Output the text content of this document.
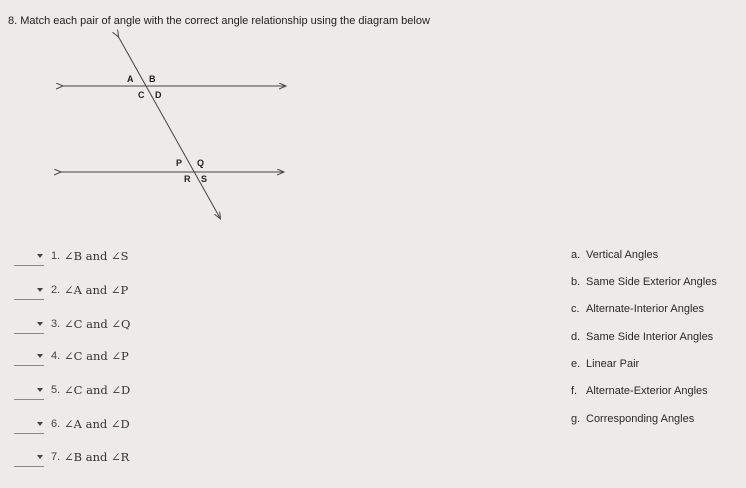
8. Match each pair of angle with the correct angle relationship using the diagram below
A B
C D
P Q
R S
1. ∠B and ∠S
2. ∠A and ∠P
3. ∠C and ∠Q
4. ∠C and ∠P
5. ∠C and ∠D
6. ∠A and ∠D
7. ∠B and ∠R
a. Vertical Angles
b. Same Side Exterior Angles
c. Alternate-Interior Angles
d. Same Side Interior Angles
e. Linear Pair
f. Alternate-Exterior Angles
g. Corresponding Angles
